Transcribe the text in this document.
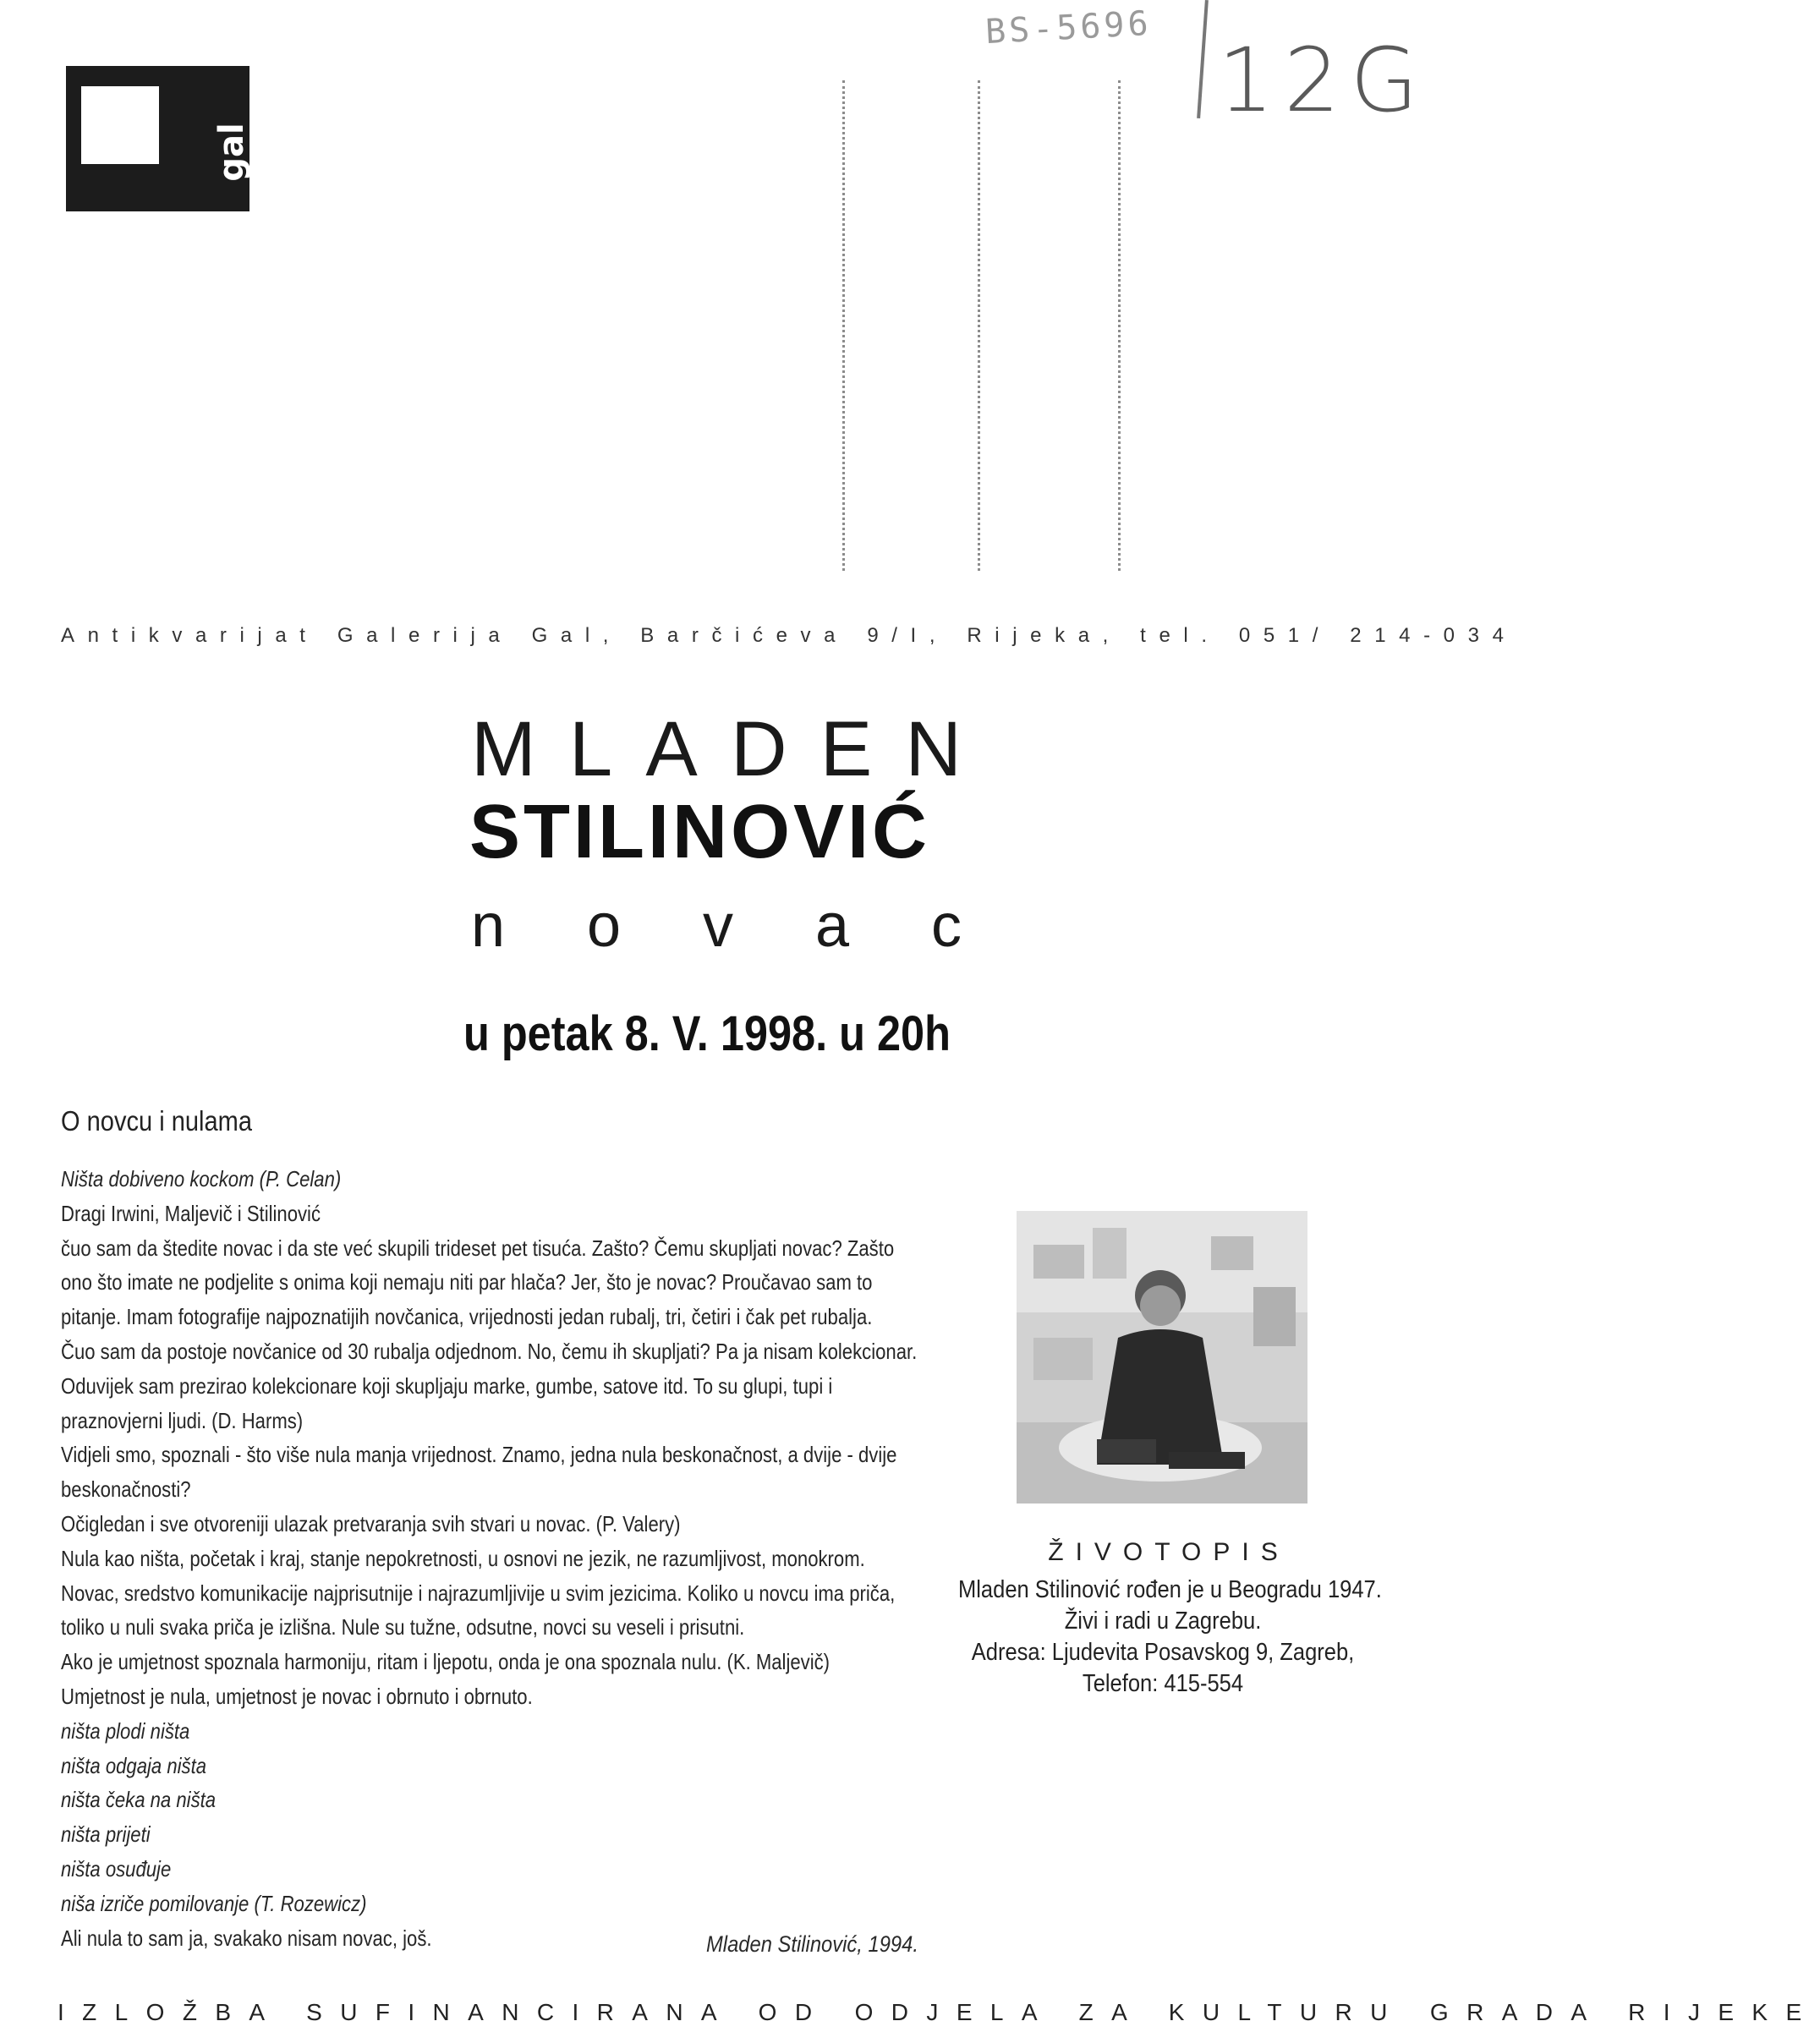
gal
BS-5696
12G
Antikvarijat Galerija Gal, Barčićeva 9/I, Rijeka, tel. 051/ 214-034
M L A D E N
STILINOVIĆ
n o v a c
u petak 8. V. 1998. u 20h
O novcu i nulama
Ništa dobiveno kockom (P. Celan)
Dragi Irwini, Maljevič i Stilinović
čuo sam da štedite novac i da ste već skupili trideset pet tisuća. Zašto? Čemu skupljati novac? Zašto
ono što imate ne podjelite s onima koji nemaju niti par hlača? Jer, što je novac? Proučavao sam to
pitanje. Imam fotografije najpoznatijih novčanica, vrijednosti jedan rubalj, tri, četiri i čak pet rubalja.
Čuo sam da postoje novčanice od 30 rubalja odjednom. No, čemu ih skupljati? Pa ja nisam kolekcionar.
Oduvijek sam prezirao kolekcionare koji skupljaju marke, gumbe, satove itd. To su glupi, tupi i
praznovjerni ljudi. (D. Harms)
Vidjeli smo, spoznali - što više nula manja vrijednost. Znamo, jedna nula beskonačnost, a dvije - dvije
beskonačnosti?
Očigledan i sve otvoreniji ulazak pretvaranja svih stvari u novac. (P. Valery)
Nula kao ništa, početak i kraj, stanje nepokretnosti, u osnovi ne jezik, ne razumljivost, monokrom.
Novac, sredstvo komunikacije najprisutnije i najrazumljivije u svim jezicima. Koliko u novcu ima priča,
toliko u nuli svaka priča je izlišna. Nule su tužne, odsutne, novci su veseli i prisutni.
Ako je umjetnost spoznala harmoniju, ritam i ljepotu, onda je ona spoznala nulu. (K. Maljevič)
Umjetnost je nula, umjetnost je novac i obrnuto i obrnuto.
ništa plodi ništa
ništa odgaja ništa
ništa čeka na ništa
ništa prijeti
ništa osuđuje
niša izriče pomilovanje (T. Rozewicz)
Ali nula to sam ja, svakako nisam novac, još.	Mladen Stilinović, 1994.
ŽIVOTOPIS
Mladen Stilinović rođen je u Beogradu 1947.
Živi i radi u Zagrebu.
Adresa: Ljudevita Posavskog 9, Zagreb,
Telefon: 415-554
IZLOŽBA SUFINANCIRANA OD ODJELA ZA KULTURU GRADA RIJEKE
